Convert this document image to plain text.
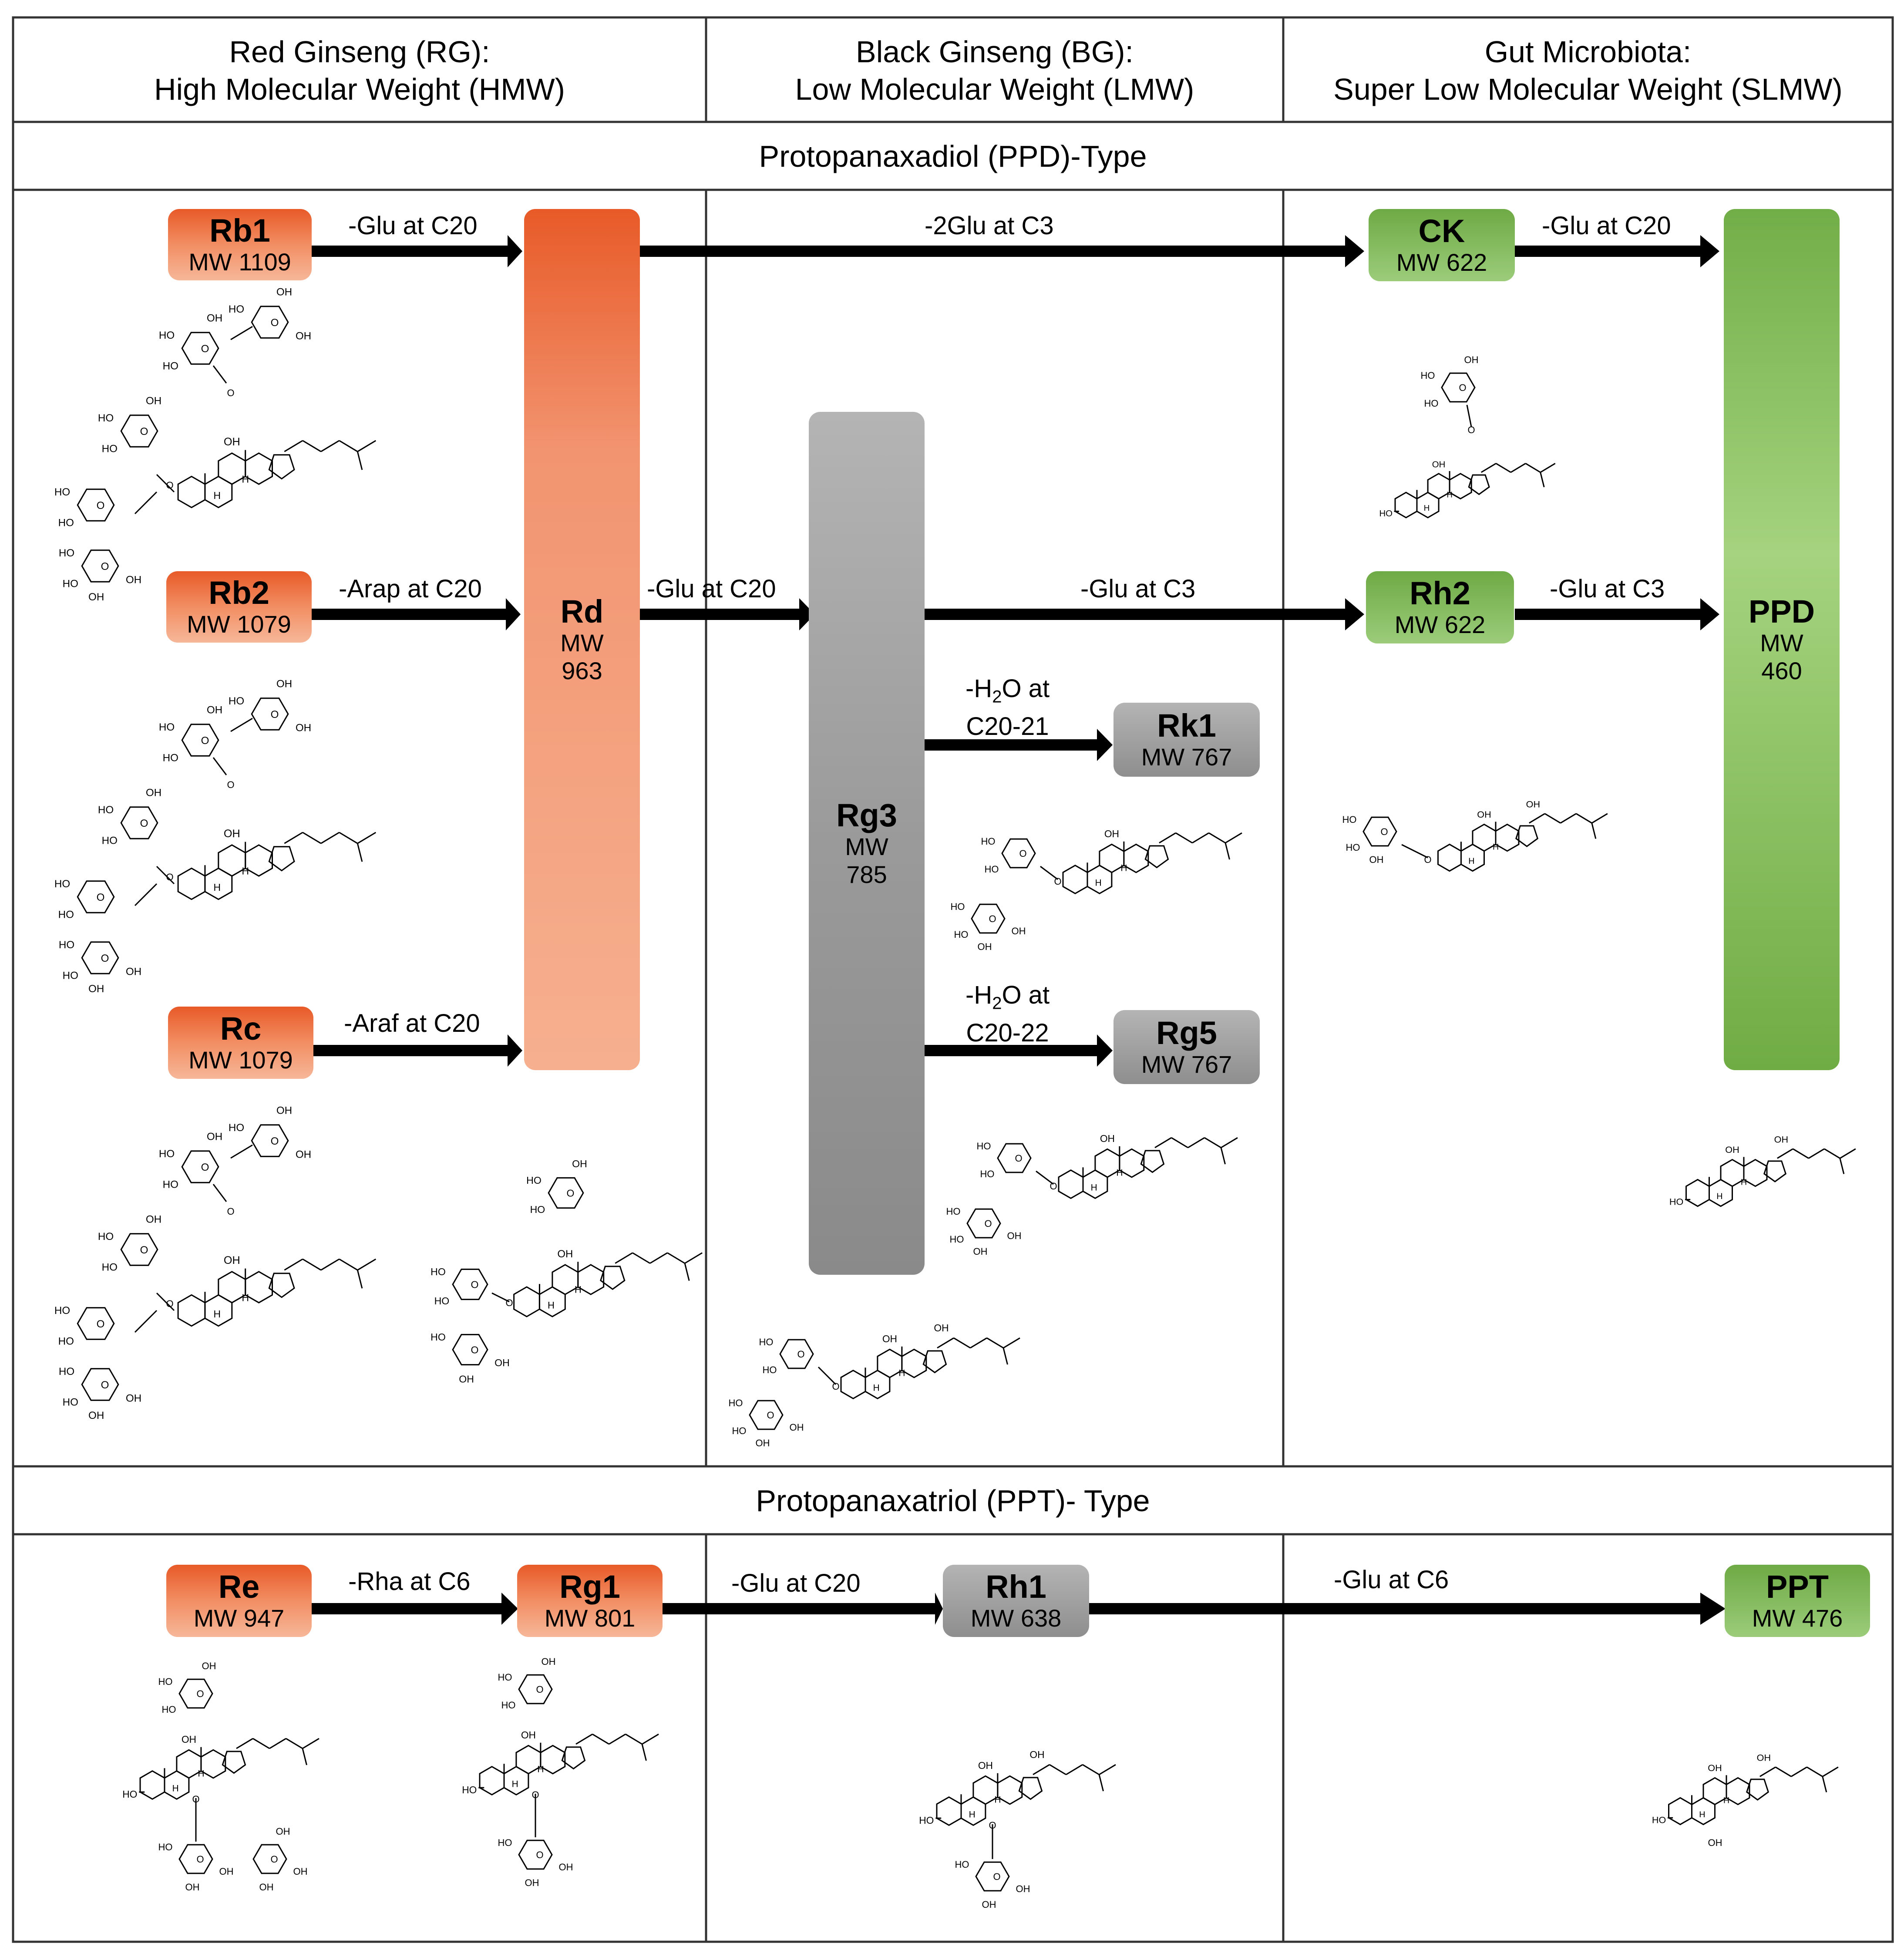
Red Ginseng (RG):
High Molecular Weight (HMW)
Black Ginseng (BG):
Low Molecular Weight (LMW)
Gut Microbiota:
Super Low Molecular Weight (SLMW)
Protopanaxadiol (PPD)-Type
Protopanaxatriol (PPT)- Type
-Glu at C20	-2Glu at C3	-Glu at C20
-Arap at C20	-Glu at C20	-Glu at C3	-Glu at C3
$-H_2O$ at
C20-21
$-H_2O$ at
C20-22
-Araf at C20
-Rha at C6	-Glu at C20	-Glu at C6
Rb1
MW 1109
Rb2
MW 1079
Rc
MW 1079
Rd
MW
963
Rg3
MW
785
Rk1
MW 767
Rg5
MW 767
CK
MW 622
Rh2
MW 622	PPD
MW
460
Re
MW 947
Rg1
MW 801
Rh1
MW 638
PPT
MW 476
H
H
OH
O
HO
HO
OH
O
HO
HO
O
HO
HO
OH
OH
O
HO
HO
OH	O
HO
OH
OH
O
O
H
H
OH
O
HO
HO
OH
O
HO
HO
O
HO
HO
OH
OH
O
HO
HO
OH	O
HO
OH
OH
O
O
H
H
OH
O
HO
HO
OH
O
HO
HO
O
HO
HO
OH
OH
O
HO
HO
OH	O
HO
OH
OH
O
O
H
H
OH
O
HO
HO
O
HO
OH
OH
O
HO
HO
OH
O
H
H
OH
OH
O
HO
HO
O
HO
HO
OH
OH
O
H
H
OH
O
HO
HO
O
HO
HO
OH
OH
O
H
H
OH
O
HO
HO
O
HO
HO
OH
OH
O
H
H
HO
OH
O
HO
HO
OH
O
H
H
OH
OH
O
HO
HO
OH	O
H
H
HO
OH
OH
H
H
HO
OH
O
HO
HO
OH
O
HO
OH
OH
O
OH
OH
OH
O
H
H
HO
OH
O
HO
HO
OH
O
HO
OH
OH
O
H
H
HO
OH
OH
O
HO
OH
OH
O
H
H
HO
OH
OH
OH
